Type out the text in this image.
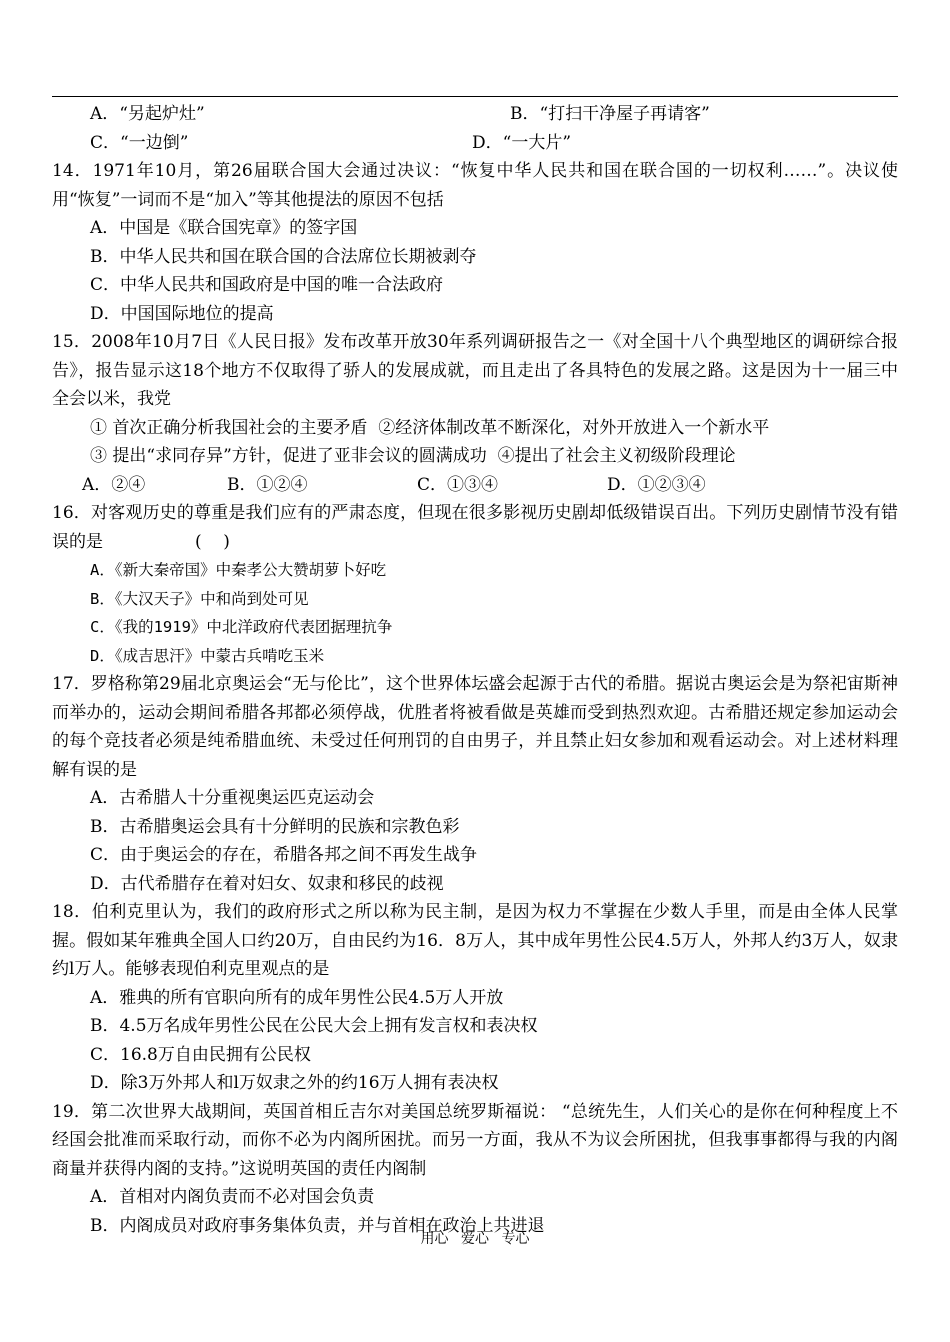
A．“另起炉灶”	B．“打扫干净屋子再请客”
C．“一边倒”	D．“一大片”
14．1971年10月，第26届联合国大会通过决议：“恢复中华人民共和国在联合国的一切权利……”。决议使用“恢复”一词而不是“加入”等其他提法的原因不包括
A．中国是《联合国宪章》的签字国
B．中华人民共和国在联合国的合法席位长期被剥夺
C．中华人民共和国政府是中国的唯一合法政府
D．中国国际地位的提高
15．2008年10月7日《人民日报》发布改革开放30年系列调研报告之一《对全国十八个典型地区的调研综合报告》，报告显示这18个地方不仅取得了骄人的发展成就，而且走出了各具特色的发展之路。这是因为十一届三中全会以米，我党
① 首次正确分析我国社会的主要矛盾  ②经济体制改革不断深化，对外开放进入一个新水平
③ 提出“求同存异”方针，促进了亚非会议的圆满成功  ④提出了社会主义初级阶段理论
A．②④	B．①②④	C．①③④	D．①②③④
16．对客观历史的尊重是我们应有的严肃态度，但现在很多影视历史剧却低级错误百出。下列历史剧情节没有错误的是	(    )
A．《新大秦帝国》中秦孝公大赞胡萝卜好吃
B．《大汉天子》中和尚到处可见
C．《我的1919》中北洋政府代表团据理抗争
D．《成吉思汗》中蒙古兵啃吃玉米
17．罗格称第29届北京奥运会“无与伦比”，这个世界体坛盛会起源于古代的希腊。据说古奥运会是为祭祀宙斯神而举办的，运动会期间希腊各邦都必须停战，优胜者将被看做是英雄而受到热烈欢迎。古希腊还规定参加运动会的每个竞技者必须是纯希腊血统、未受过任何刑罚的自由男子，并且禁止妇女参加和观看运动会。对上述材料理解有误的是
A．古希腊人十分重视奥运匹克运动会
B．古希腊奥运会具有十分鲜明的民族和宗教色彩
C．由于奥运会的存在，希腊各邦之间不再发生战争
D．古代希腊存在着对妇女、奴隶和移民的歧视
18．伯利克里认为，我们的政府形式之所以称为民主制，是因为权力不掌握在少数人手里，而是由全体人民掌握。假如某年雅典全国人口约20万，自由民约为16．8万人，其中成年男性公民4.5万人，外邦人约3万人，奴隶约l万人。能够表现伯利克里观点的是
A．雅典的所有官职向所有的成年男性公民4.5万人开放
B．4.5万名成年男性公民在公民大会上拥有发言权和表决权
C．16.8万自由民拥有公民权
D．除3万外邦人和l万奴隶之外的约16万人拥有表决权
19．第二次世界大战期间，英国首相丘吉尔对美国总统罗斯福说： “总统先生，人们关心的是你在何种程度上不经国会批准而采取行动，而你不必为内阁所困扰。而另一方面，我从不为议会所困扰，但我事事都得与我的内阁商量并获得内阁的支持。”这说明英国的责任内阁制
A．首相对内阁负责而不必对国会负责
B．内阁成员对政府事务集体负责，并与首相在政治上共进退
用心 爱心 专心
